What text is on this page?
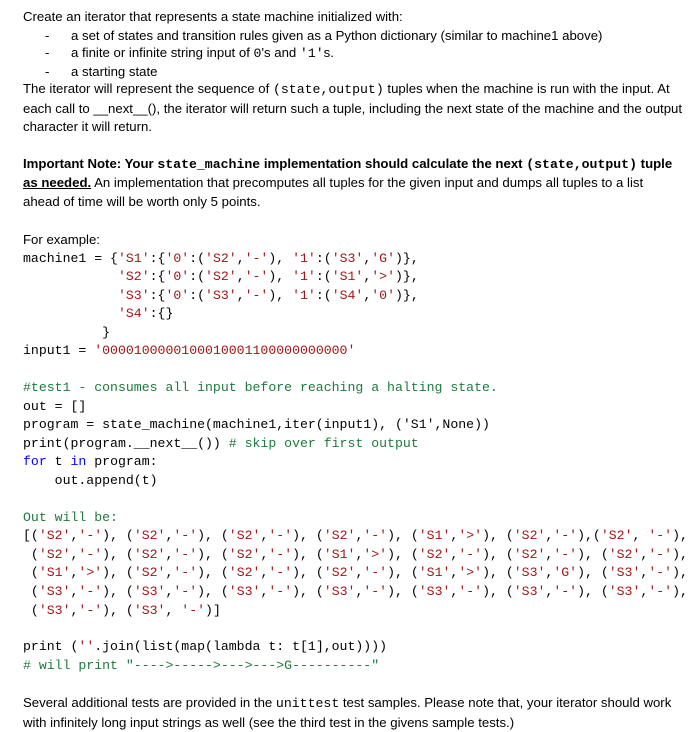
Create an iterator that represents a state machine initialized with:

- a set of states and transition rules given as a Python dictionary (similar to machine1 above)
- a finite or infinite string input of 0's and '1's.
- a starting state

The iterator will represent the sequence of (state,output) tuples when the machine is run with the input. At each call to __next__(), the iterator will return such a tuple, including the next state of the machine and the output character it will return.

Important Note: Your state_machine implementation should calculate the next (state,output) tuple as needed. An implementation that precomputes all tuples for the given input and dumps all tuples to a list ahead of time will be worth only 5 points.

For example:

machine1 = {'S1':{'0':('S2','-'), '1':('S3','G')},
'S2':{'0':('S2','-'), '1':('S1','>')},
'S3':{'0':('S3','-'), '1':('S4','0')},
'S4':{}
}
input1 = '0000100000100010001100000000000'
#test1 - consumes all input before reaching a halting state.
out = []
program = state_machine(machine1,iter(input1), ('S1',None))
print(program.__next__()) # skip over first output
for t in program:
out.append(t)
Out will be:
[('S2','-'), ('S2','-'), ('S2','-'), ('S2','-'), ('S1','>'), ('S2','-'),('S2', '-'),
('S2','-'), ('S2','-'), ('S2','-'), ('S1','>'), ('S2','-'), ('S2','-'), ('S2','-'),
('S1','>'), ('S2','-'), ('S2','-'), ('S2','-'), ('S1','>'), ('S3','G'), ('S3','-'),
('S3','-'), ('S3','-'), ('S3','-'), ('S3','-'), ('S3','-'), ('S3','-'), ('S3','-'),
('S3','-'), ('S3', '-')]
print (''.join(list(map(lambda t: t[1],out))))
# will print "---->----->--->--->G----------"

Several additional tests are provided in the unittest test samples. Please note that, your iterator should work with infinitely long input strings as well (see the third test in the givens sample tests.)
